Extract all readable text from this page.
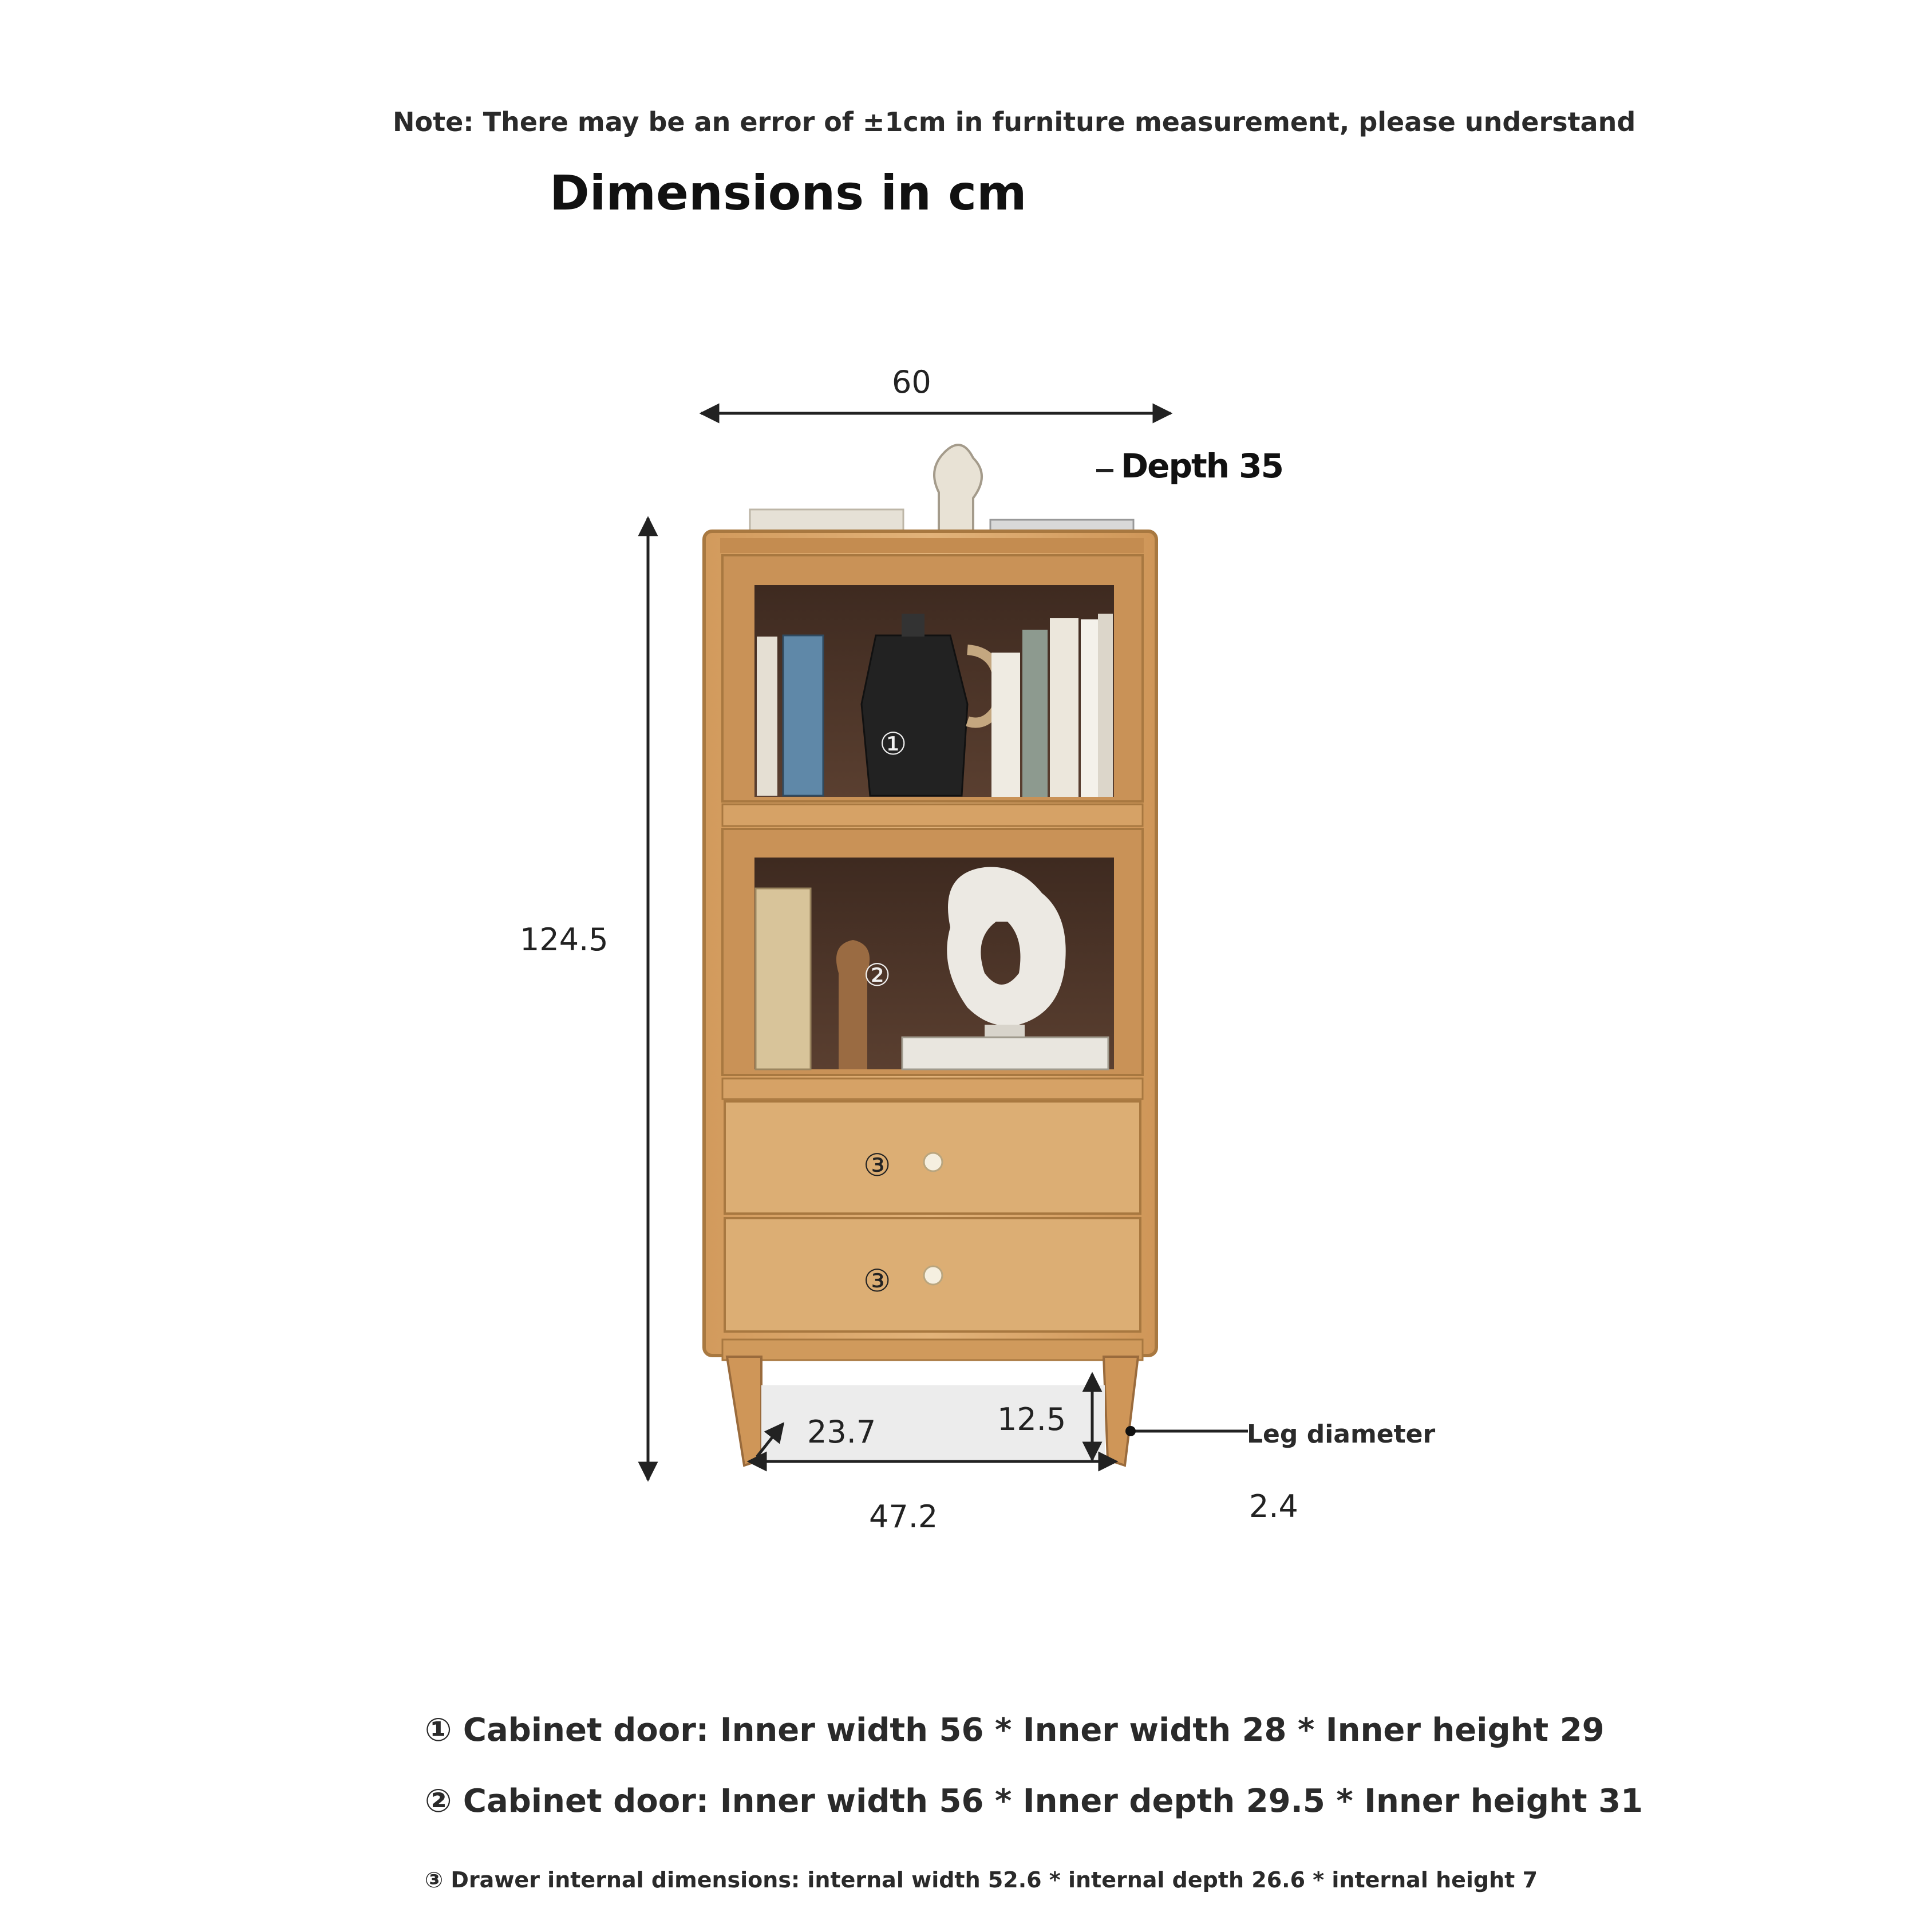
Note: There may be an error of ±1cm in furniture measurement, please understand
Dimensions in cm
①
②
③
③
60
Depth 35
124.5
23.7	12.5
47.2
Leg diameter
2.4
① Cabinet door: Inner width 56 * Inner width 28 * Inner height 29
② Cabinet door: Inner width 56 * Inner depth 29.5 * Inner height 31
③ Drawer internal dimensions: internal width 52.6 * internal depth 26.6 * internal height 7
